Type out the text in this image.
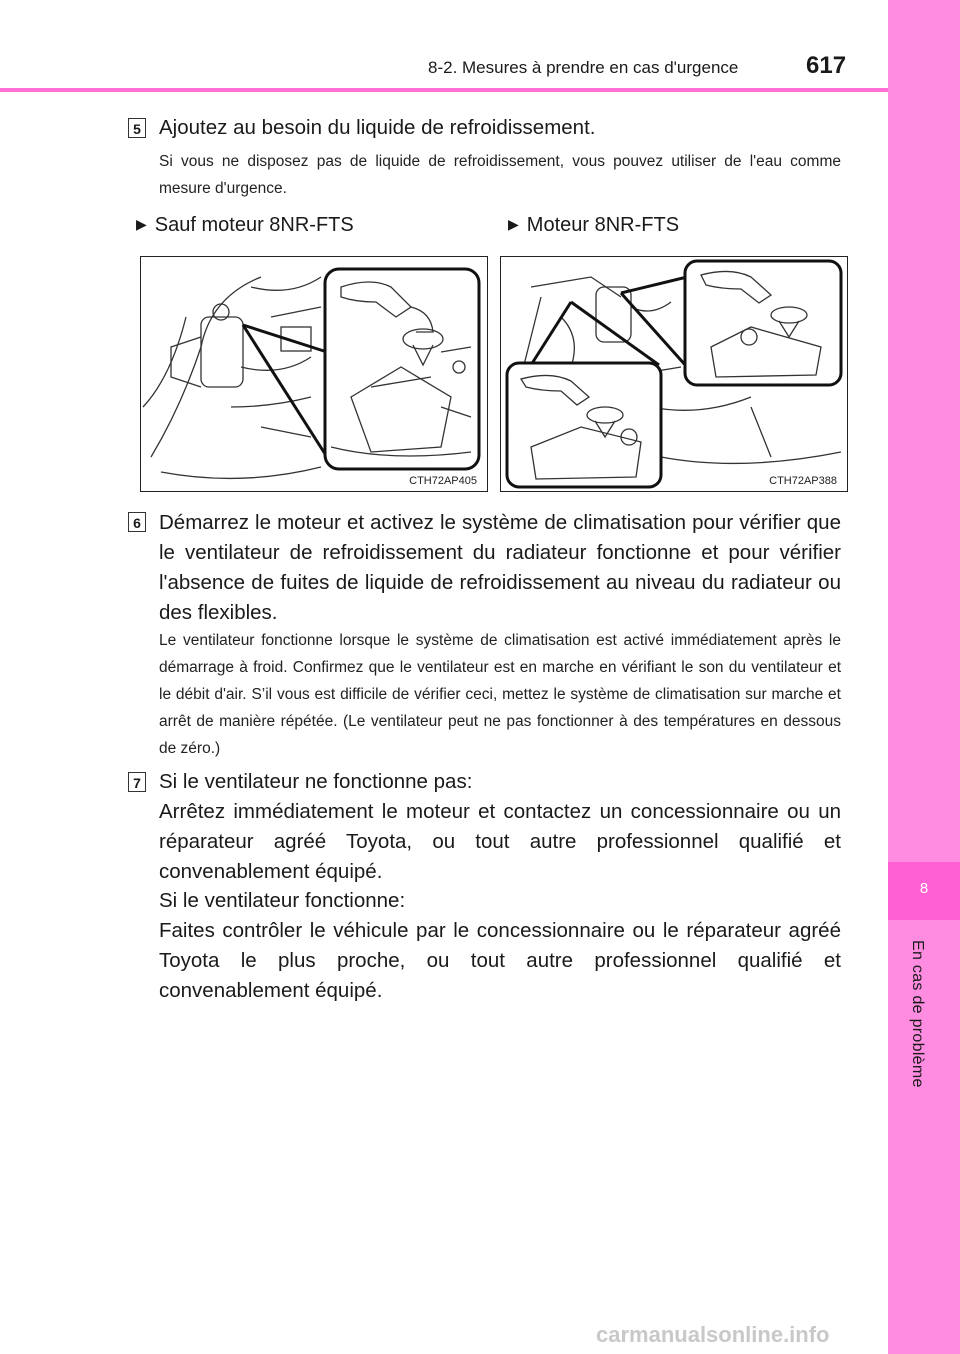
8-2. Mesures à prendre en cas d'urgence	617
8
En cas de problème
5 Ajoutez au besoin du liquide de refroidissement.
Si vous ne disposez pas de liquide de refroidissement, vous pouvez utiliser de l'eau comme mesure d'urgence.
▶ Sauf moteur 8NR-FTS	▶ Moteur 8NR-FTS
CTH72AP405	CTH72AP388
6 Démarrez le moteur et activez le système de climatisation pour vérifier que le ventilateur de refroidissement du radiateur fonctionne et pour vérifier l'absence de fuites de liquide de refroidissement au niveau du radiateur ou des flexibles.
Le ventilateur fonctionne lorsque le système de climatisation est activé immédiatement après le démarrage à froid. Confirmez que le ventilateur est en marche en vérifiant le son du ventilateur et le débit d'air. S’il vous est difficile de vérifier ceci, mettez le système de climatisation sur marche et arrêt de manière répétée. (Le ventilateur peut ne pas fonctionner à des températures en dessous de zéro.)
7 Si le ventilateur ne fonctionne pas:
Arrêtez immédiatement le moteur et contactez un concessionnaire ou un réparateur agréé Toyota, ou tout autre professionnel qualifié et convenablement équipé.
Si le ventilateur fonctionne:
Faites contrôler le véhicule par le concessionnaire ou le réparateur agréé Toyota le plus proche, ou tout autre professionnel qualifié et convenablement équipé.
carmanualsonline.info
